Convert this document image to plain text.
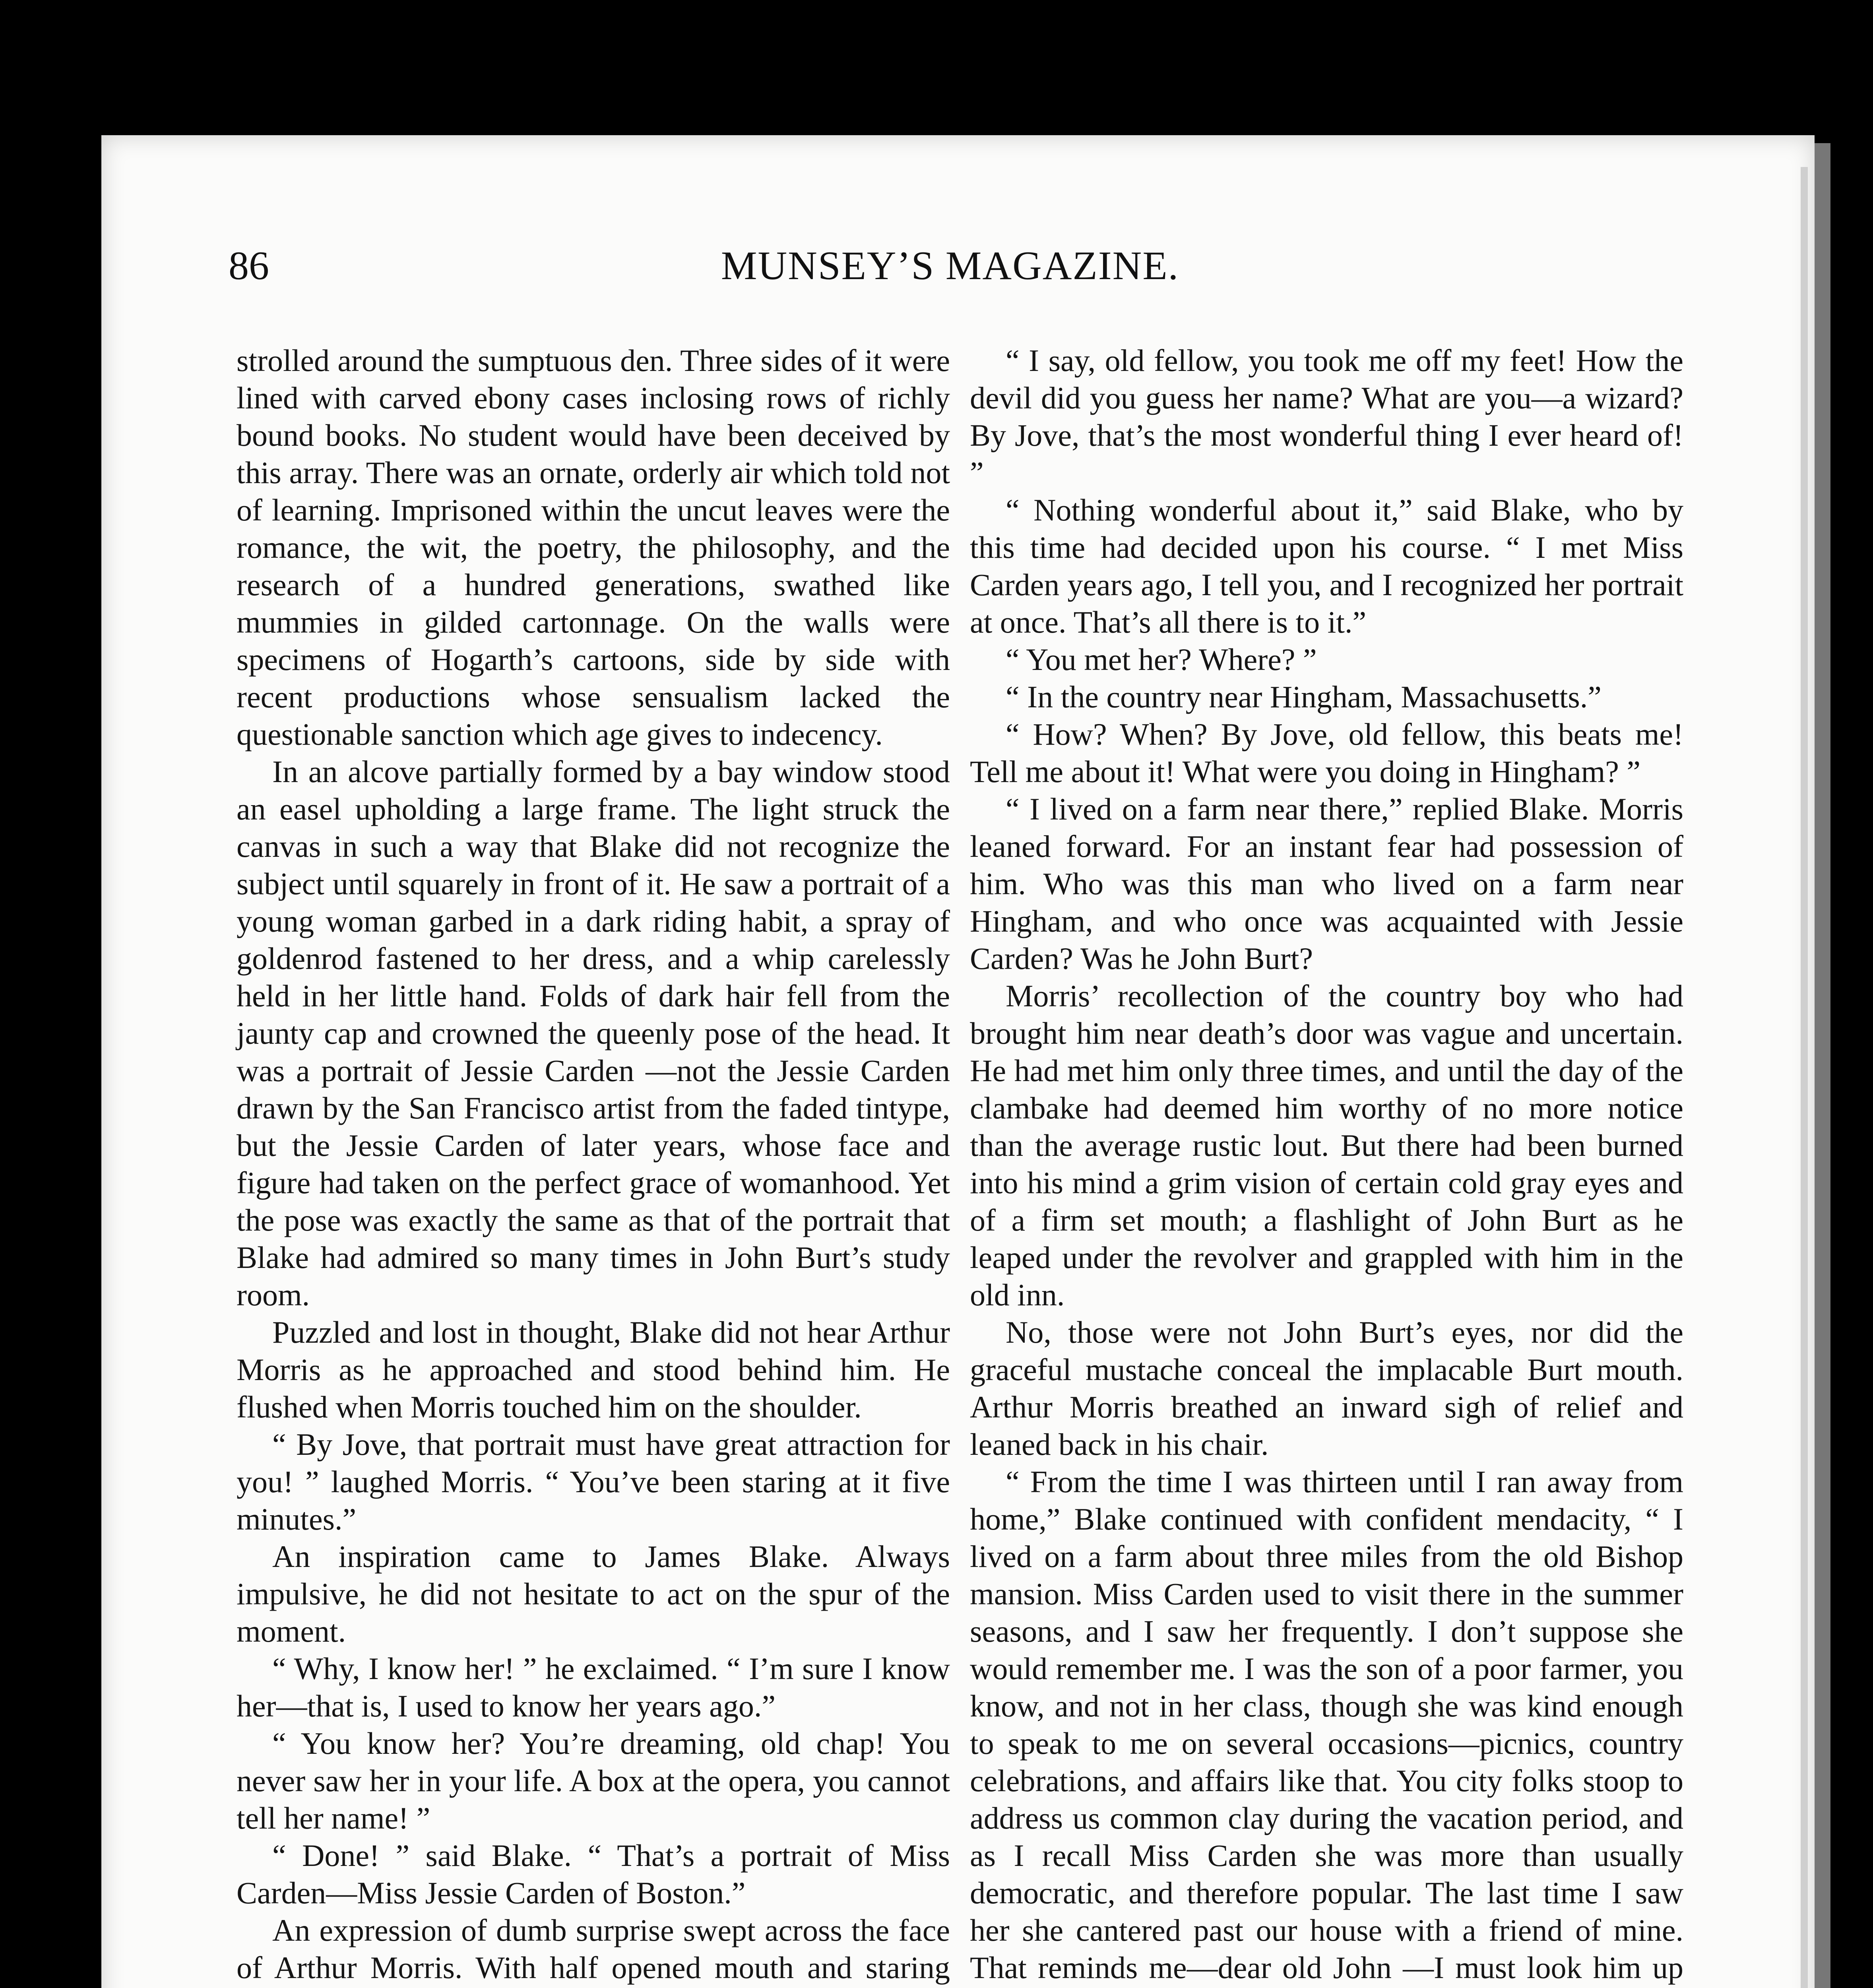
86	MUNSEY’S MAGAZINE.

strolled around the sumptuous den. Three sides of it were lined with carved ebony cases inclosing rows of richly bound books. No student would have been deceived by this array. There was an ornate, orderly air which told not of learning. Imprisoned within the uncut leaves were the romance, the wit, the poetry, the philosophy, and the research of a hundred generations, swathed like mummies in gilded cartonnage. On the walls were specimens of Hogarth’s cartoons, side by side with recent productions whose sensualism lacked the questionable sanction which age gives to indecency.

In an alcove partially formed by a bay window stood an easel upholding a large frame. The light struck the canvas in such a way that Blake did not recognize the subject until squarely in front of it. He saw a portrait of a young woman garbed in a dark riding habit, a spray of goldenrod fastened to her dress, and a whip carelessly held in her little hand. Folds of dark hair fell from the jaunty cap and crowned the queenly pose of the head. It was a portrait of Jessie Carden —not the Jessie Carden drawn by the San Francisco artist from the faded tintype, but the Jessie Carden of later years, whose face and figure had taken on the perfect grace of womanhood. Yet the pose was exactly the same as that of the portrait that Blake had admired so many times in John Burt’s study room.

Puzzled and lost in thought, Blake did not hear Arthur Morris as he approached and stood behind him. He flushed when Morris touched him on the shoulder.

“ By Jove, that portrait must have great attraction for you! ” laughed Morris. “ You’ve been staring at it five minutes.”

An inspiration came to James Blake. Always impulsive, he did not hesitate to act on the spur of the moment.

“ Why, I know her! ” he exclaimed. “ I’m sure I know her—that is, I used to know her years ago.”

“ You know her? You’re dreaming, old chap! You never saw her in your life. A box at the opera, you cannot tell her name! ”

“ Done! ” said Blake. “ That’s a portrait of Miss Carden—Miss Jessie Carden of Boston.”

An expression of dumb surprise swept across the face of Arthur Morris. With half opened mouth and staring

“ I say, old fellow, you took me off my feet! How the devil did you guess her name? What are you—a wizard? By Jove, that’s the most wonderful thing I ever heard of! ”

“ Nothing wonderful about it,” said Blake, who by this time had decided upon his course. “ I met Miss Carden years ago, I tell you, and I recognized her portrait at once. That’s all there is to it.”

“ You met her? Where? ”

“ In the country near Hingham, Massachusetts.”

“ How? When? By Jove, old fellow, this beats me! Tell me about it! What were you doing in Hingham? ”

“ I lived on a farm near there,” replied Blake. Morris leaned forward. For an instant fear had possession of him. Who was this man who lived on a farm near Hingham, and who once was acquainted with Jessie Carden? Was he John Burt?

Morris’ recollection of the country boy who had brought him near death’s door was vague and uncertain. He had met him only three times, and until the day of the clambake had deemed him worthy of no more notice than the average rustic lout. But there had been burned into his mind a grim vision of certain cold gray eyes and of a firm set mouth; a flashlight of John Burt as he leaped under the revolver and grappled with him in the old inn.

No, those were not John Burt’s eyes, nor did the graceful mustache conceal the implacable Burt mouth. Arthur Morris breathed an inward sigh of relief and leaned back in his chair.

“ From the time I was thirteen until I ran away from home,” Blake continued with confident mendacity, “ I lived on a farm about three miles from the old Bishop mansion. Miss Carden used to visit there in the summer seasons, and I saw her frequently. I don’t suppose she would remember me. I was the son of a poor farmer, you know, and not in her class, though she was kind enough to speak to me on several occasions—picnics, country celebrations, and affairs like that. You city folks stoop to address us common clay during the vacation period, and as I recall Miss Carden she was more than usually democratic, and therefore popular. The last time I saw her she cantered past our house with a friend of mine. That reminds me—dear old John —I must look him up
